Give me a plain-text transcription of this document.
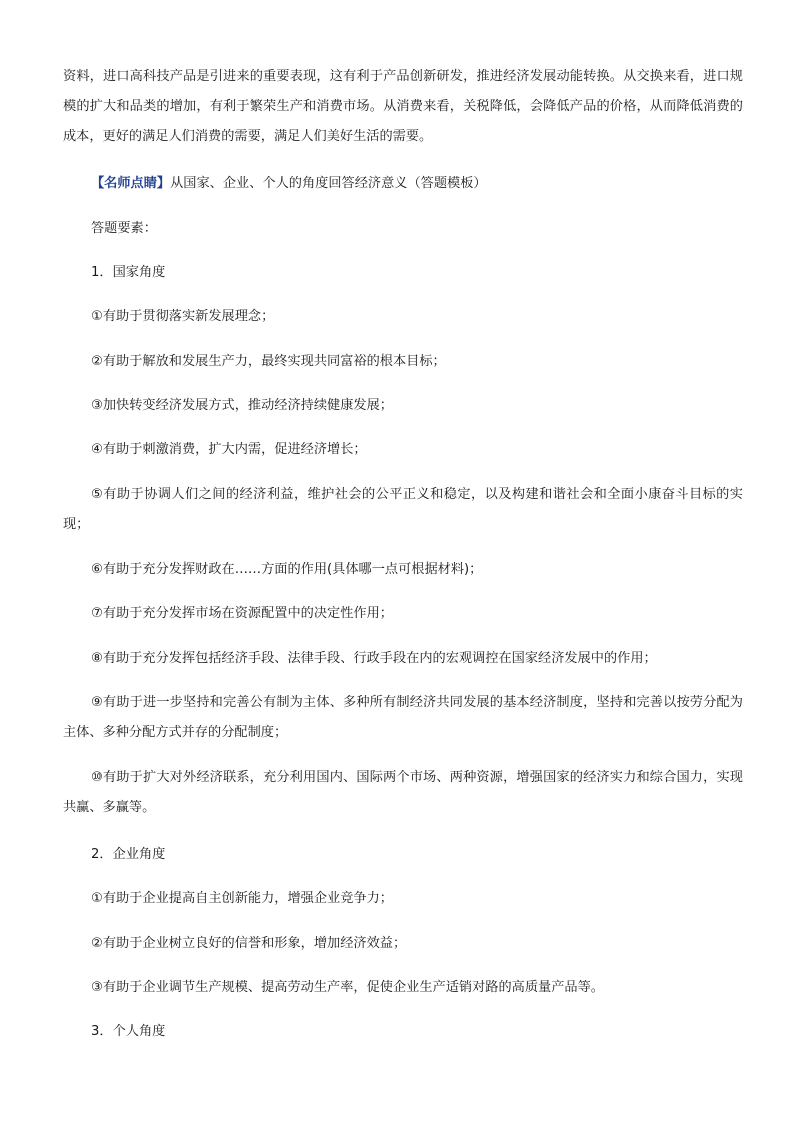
资料，进口高科技产品是引进来的重要表现，这有利于产品创新研发，推进经济发展动能转换。从交换来看，进口规模的扩大和品类的增加，有利于繁荣生产和消费市场。从消费来看，关税降低，会降低产品的价格，从而降低消费的成本，更好的满足人们消费的需要，满足人们美好生活的需要。

【名师点睛】从国家、企业、个人的角度回答经济意义（答题模板）

答题要素：

1．国家角度

①有助于贯彻落实新发展理念；

②有助于解放和发展生产力，最终实现共同富裕的根本目标；

③加快转变经济发展方式，推动经济持续健康发展；

④有助于刺激消费，扩大内需，促进经济增长；

⑤有助于协调人们之间的经济利益，维护社会的公平正义和稳定，以及构建和谐社会和全面小康奋斗目标的实现；

⑥有助于充分发挥财政在……方面的作用(具体哪一点可根据材料)；

⑦有助于充分发挥市场在资源配置中的决定性作用；

⑧有助于充分发挥包括经济手段、法律手段、行政手段在内的宏观调控在国家经济发展中的作用；

⑨有助于进一步坚持和完善公有制为主体、多种所有制经济共同发展的基本经济制度，坚持和完善以按劳分配为主体、多种分配方式并存的分配制度；

⑩有助于扩大对外经济联系，充分利用国内、国际两个市场、两种资源，增强国家的经济实力和综合国力，实现共赢、多赢等。

2．企业角度

①有助于企业提高自主创新能力，增强企业竞争力；

②有助于企业树立良好的信誉和形象，增加经济效益；

③有助于企业调节生产规模、提高劳动生产率，促使企业生产适销对路的高质量产品等。

3．个人角度
